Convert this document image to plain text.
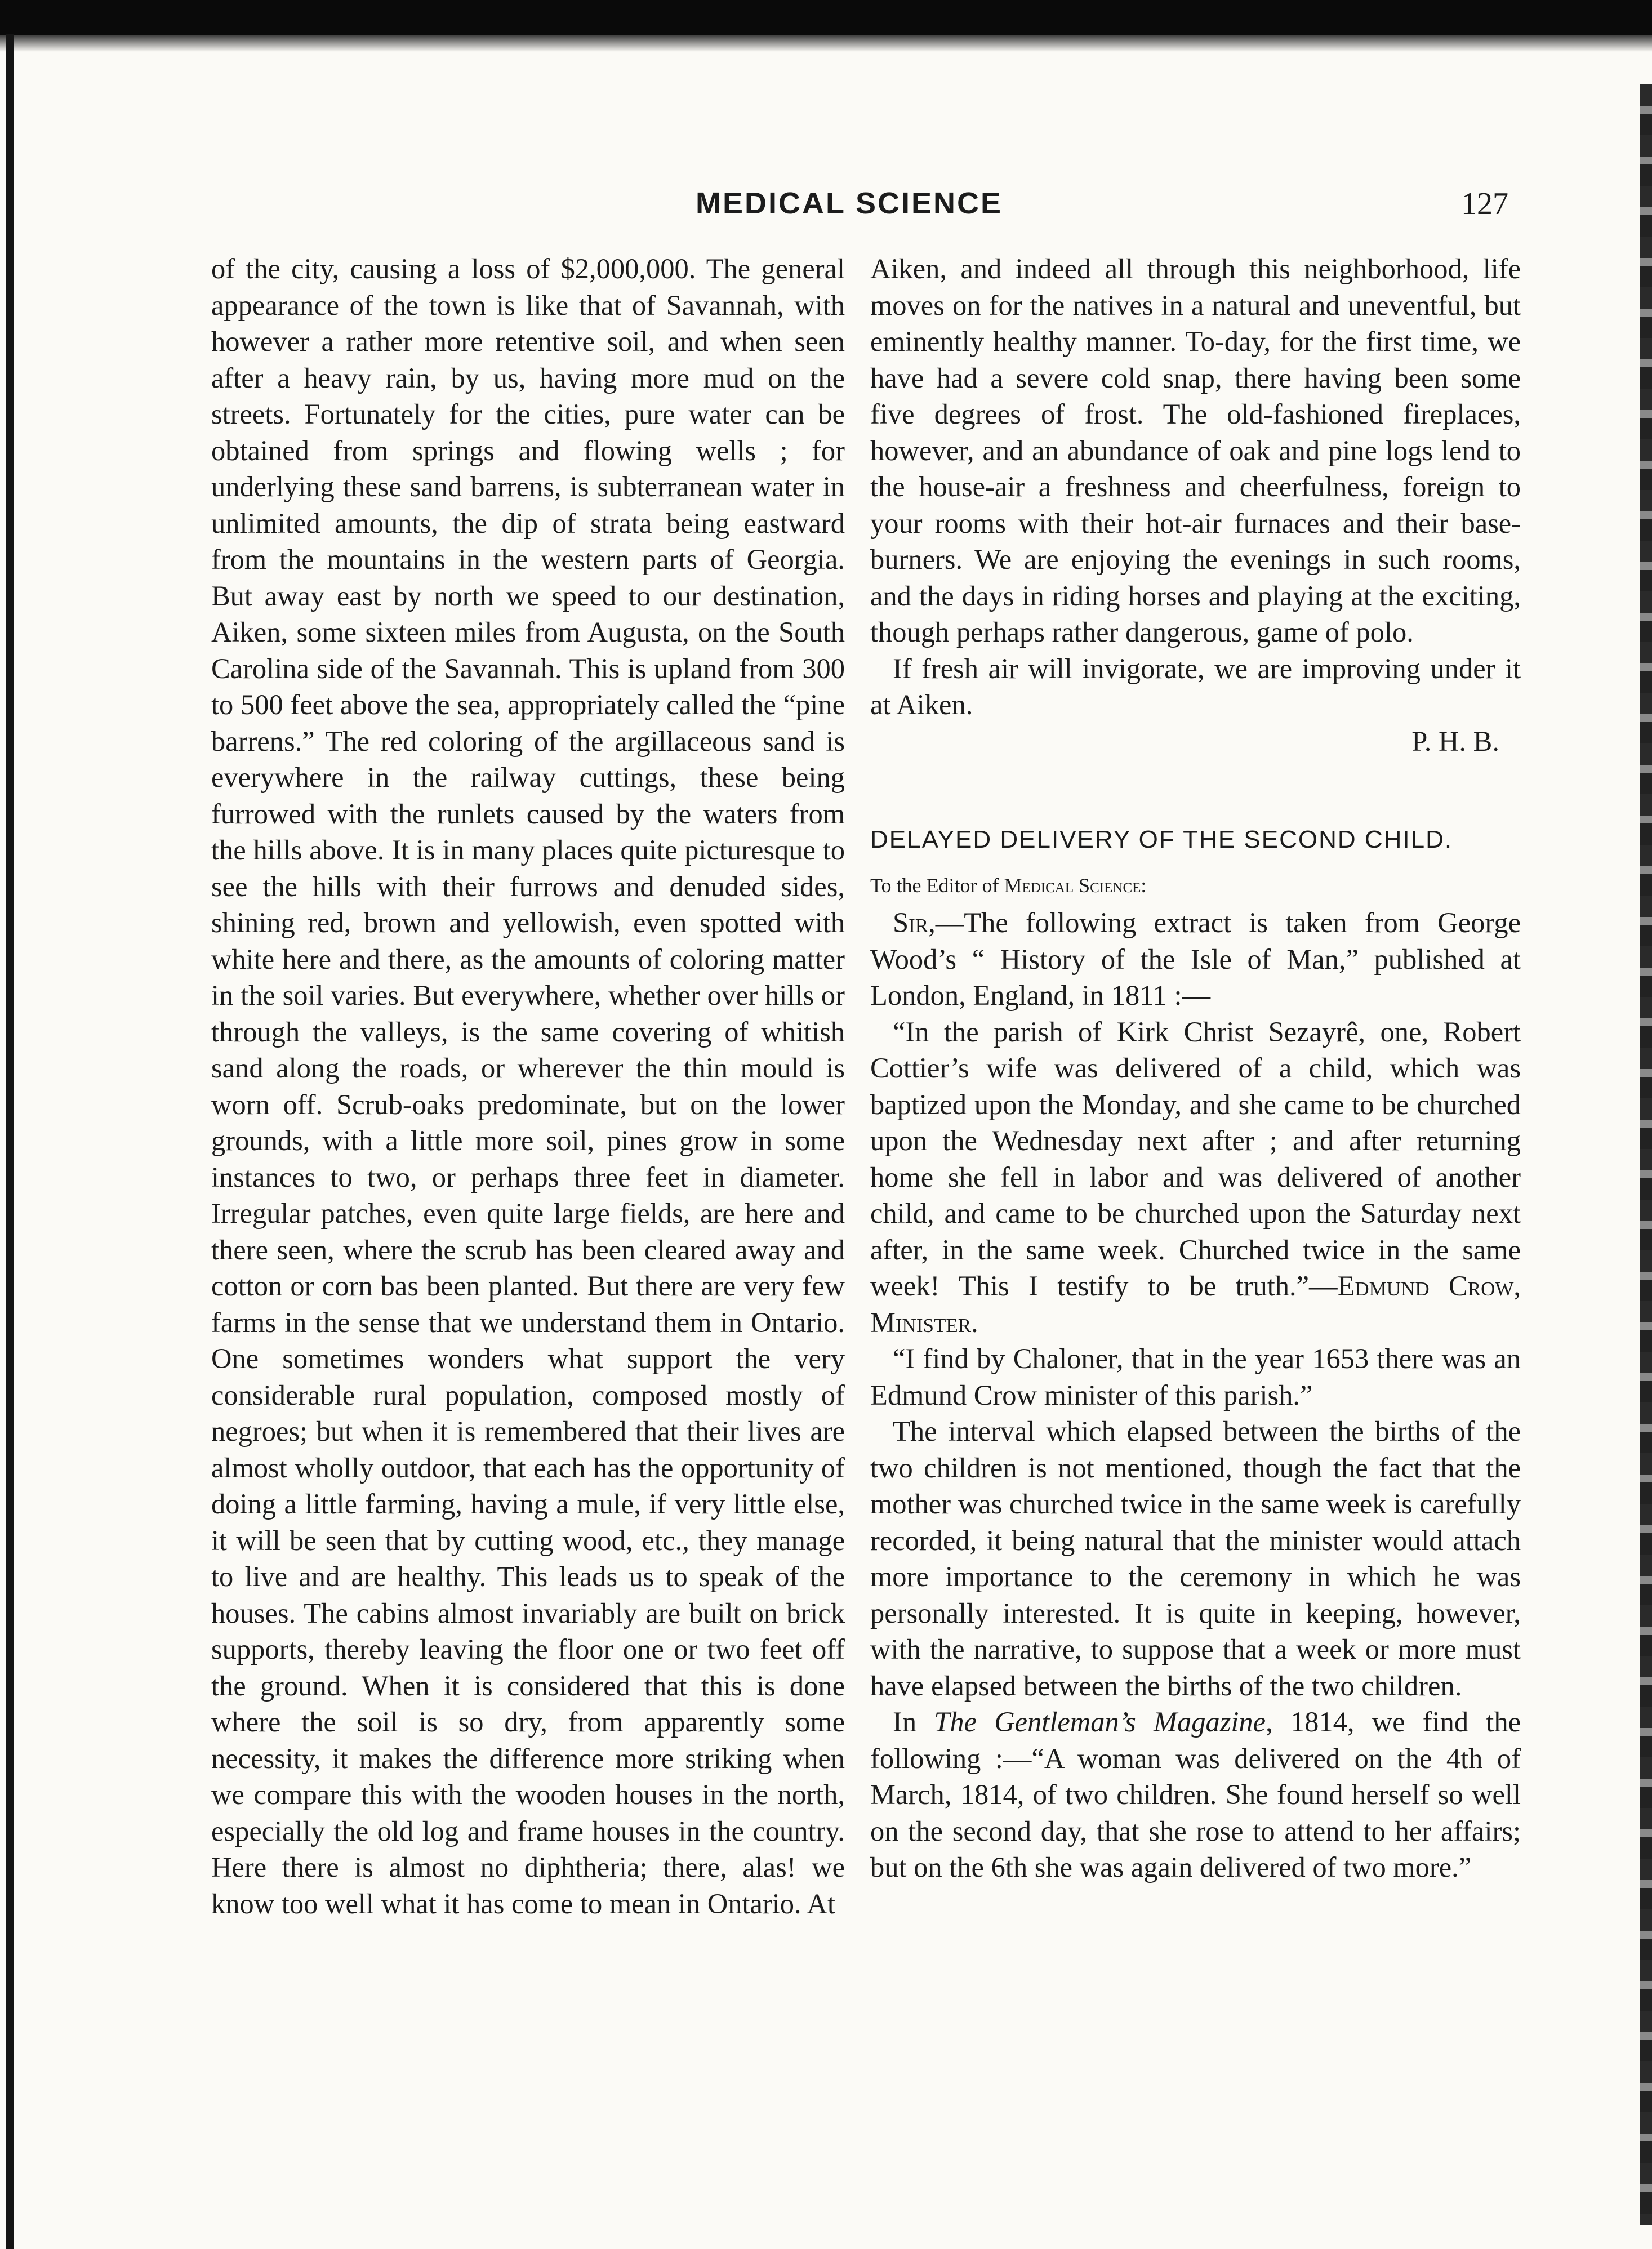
MEDICAL SCIENCE	127

of the city, causing a loss of $2,000,000. The general appearance of the town is like that of Savannah, with however a rather more retentive soil, and when seen after a heavy rain, by us, having more mud on the streets. Fortunately for the cities, pure water can be obtained from springs and flowing wells ; for underlying these sand barrens, is subterranean water in unlimited amounts, the dip of strata being eastward from the mountains in the western parts of Georgia. But away east by north we speed to our destination, Aiken, some sixteen miles from Augusta, on the South Carolina side of the Savannah. This is upland from 300 to 500 feet above the sea, appropriately called the “pine barrens.” The red coloring of the argillaceous sand is everywhere in the railway cuttings, these being furrowed with the runlets caused by the waters from the hills above. It is in many places quite picturesque to see the hills with their furrows and denuded sides, shining red, brown and yellowish, even spotted with white here and there, as the amounts of coloring matter in the soil varies. But everywhere, whether over hills or through the valleys, is the same covering of whitish sand along the roads, or wherever the thin mould is worn off. Scrub-oaks predominate, but on the lower grounds, with a little more soil, pines grow in some instances to two, or perhaps three feet in diameter. Irregular patches, even quite large fields, are here and there seen, where the scrub has been cleared away and cotton or corn bas been planted. But there are very few farms in the sense that we understand them in Ontario. One sometimes wonders what support the very considerable rural population, composed mostly of negroes; but when it is remembered that their lives are almost wholly outdoor, that each has the opportunity of doing a little farming, having a mule, if very little else, it will be seen that by cutting wood, etc., they manage to live and are healthy. This leads us to speak of the houses. The cabins almost invariably are built on brick supports, thereby leaving the floor one or two feet off the ground. When it is considered that this is done where the soil is so dry, from apparently some necessity, it makes the difference more striking when we compare this with the wooden houses in the north, especially the old log and frame houses in the country. Here there is almost no diphtheria; there, alas! we know too well what it has come to mean in Ontario. At

Aiken, and indeed all through this neighborhood, life moves on for the natives in a natural and uneventful, but eminently healthy manner. To-day, for the first time, we have had a severe cold snap, there having been some five degrees of frost. The old-fashioned fireplaces, however, and an abundance of oak and pine logs lend to the house-air a freshness and cheerfulness, foreign to your rooms with their hot-air furnaces and their base-burners. We are enjoying the evenings in such rooms, and the days in riding horses and playing at the exciting, though perhaps rather dangerous, game of polo.

If fresh air will invigorate, we are improving under it at Aiken.

P. H. B.

DELAYED DELIVERY OF THE SECOND CHILD.

To the Editor of Medical Science:

Sir,—The following extract is taken from George Wood’s “ History of the Isle of Man,” published at London, England, in 1811 :—

“In the parish of Kirk Christ Sezayrê, one, Robert Cottier’s wife was delivered of a child, which was baptized upon the Monday, and she came to be churched upon the Wednesday next after ; and after returning home she fell in labor and was delivered of another child, and came to be churched upon the Saturday next after, in the same week. Churched twice in the same week! This I testify to be truth.”—Edmund Crow, Minister.

“I find by Chaloner, that in the year 1653 there was an Edmund Crow minister of this parish.”

The interval which elapsed between the births of the two children is not mentioned, though the fact that the mother was churched twice in the same week is carefully recorded, it being natural that the minister would attach more importance to the ceremony in which he was personally interested. It is quite in keeping, however, with the narrative, to suppose that a week or more must have elapsed between the births of the two children.

In The Gentleman’s Magazine, 1814, we find the following :—“A woman was delivered on the 4th of March, 1814, of two children. She found herself so well on the second day, that she rose to attend to her affairs; but on the 6th she was again delivered of two more.”
